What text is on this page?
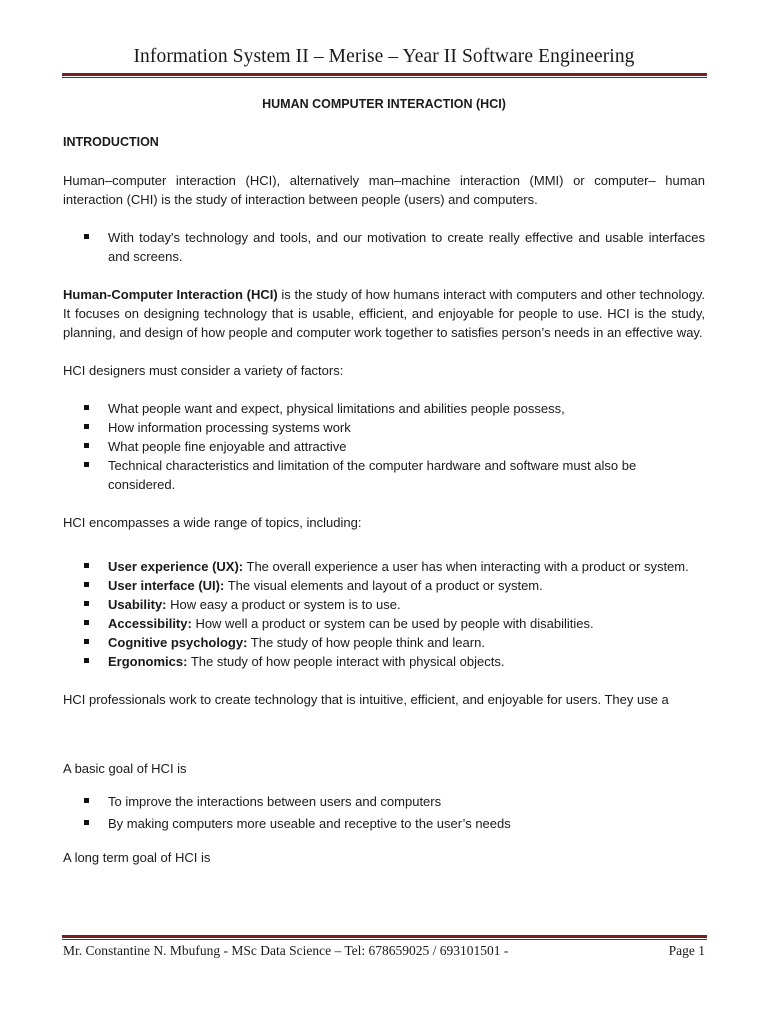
Information System II – Merise – Year II Software Engineering
HUMAN COMPUTER INTERACTION (HCI)
INTRODUCTION

Human–computer interaction (HCI), alternatively man–machine interaction (MMI) or computer– human interaction (CHI) is the study of interaction between people (users) and computers.

With today's technology and tools, and our motivation to create really effective and usable interfaces and screens.

Human-Computer Interaction (HCI) is the study of how humans interact with computers and other technology. It focuses on designing technology that is usable, efficient, and enjoyable for people to use. HCI is the study, planning, and design of how people and computer work together to satisfies person’s needs in an effective way.

HCI designers must consider a variety of factors:

What people want and expect, physical limitations and abilities people possess,
How information processing systems work
What people fine enjoyable and attractive
Technical characteristics and limitation of the computer hardware and software must also be considered.

HCI encompasses a wide range of topics, including:

User experience (UX): The overall experience a user has when interacting with a product or system.
User interface (UI): The visual elements and layout of a product or system.
Usability: How easy a product or system is to use.
Accessibility: How well a product or system can be used by people with disabilities.
Cognitive psychology: The study of how people think and learn.
Ergonomics: The study of how people interact with physical objects.

HCI professionals work to create technology that is intuitive, efficient, and enjoyable for users. They use a

A basic goal of HCI is

To improve the interactions between users and computers
By making computers more useable and receptive to the user’s needs

A long term goal of HCI is

Mr. Constantine N. Mbufung - MSc Data Science – Tel: 678659025 / 693101501 -	Page 1
